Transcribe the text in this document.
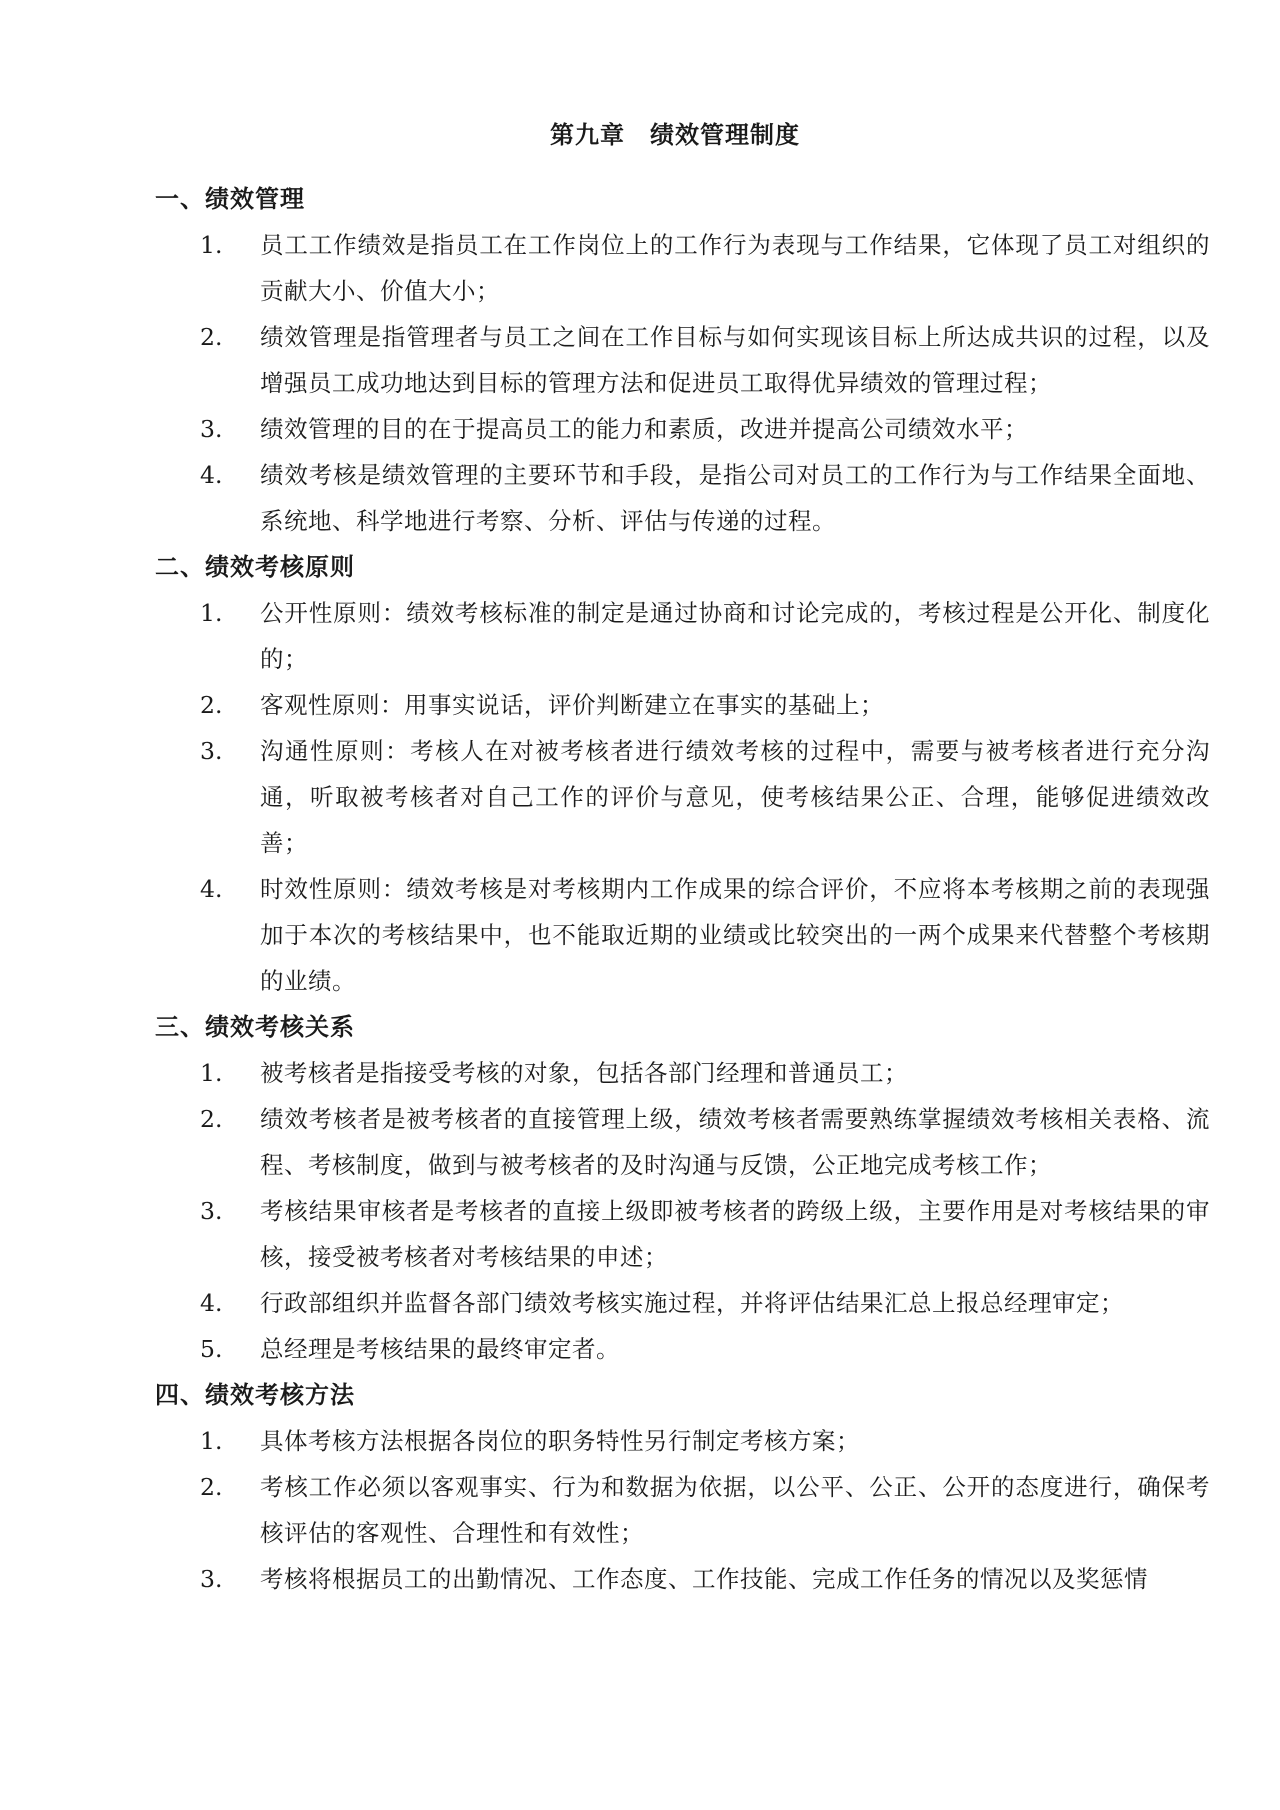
第九章　绩效管理制度
一、绩效管理
1.	员工工作绩效是指员工在工作岗位上的工作行为表现与工作结果，它体现了员工对组织的贡献大小、价值大小；
2.	绩效管理是指管理者与员工之间在工作目标与如何实现该目标上所达成共识的过程，以及增强员工成功地达到目标的管理方法和促进员工取得优异绩效的管理过程；
3.	绩效管理的目的在于提高员工的能力和素质，改进并提高公司绩效水平；
4.	绩效考核是绩效管理的主要环节和手段，是指公司对员工的工作行为与工作结果全面地、系统地、科学地进行考察、分析、评估与传递的过程。
二、绩效考核原则
1.	公开性原则：绩效考核标准的制定是通过协商和讨论完成的，考核过程是公开化、制度化的；
2.	客观性原则：用事实说话，评价判断建立在事实的基础上；
3.	沟通性原则：考核人在对被考核者进行绩效考核的过程中，需要与被考核者进行充分沟通，听取被考核者对自己工作的评价与意见，使考核结果公正、合理，能够促进绩效改善；
4.	时效性原则：绩效考核是对考核期内工作成果的综合评价，不应将本考核期之前的表现强加于本次的考核结果中，也不能取近期的业绩或比较突出的一两个成果来代替整个考核期的业绩。
三、绩效考核关系
1.	被考核者是指接受考核的对象，包括各部门经理和普通员工；
2.	绩效考核者是被考核者的直接管理上级，绩效考核者需要熟练掌握绩效考核相关表格、流程、考核制度，做到与被考核者的及时沟通与反馈，公正地完成考核工作；
3.	考核结果审核者是考核者的直接上级即被考核者的跨级上级，主要作用是对考核结果的审核，接受被考核者对考核结果的申述；
4.	行政部组织并监督各部门绩效考核实施过程，并将评估结果汇总上报总经理审定；
5.	总经理是考核结果的最终审定者。
四、绩效考核方法
1.	具体考核方法根据各岗位的职务特性另行制定考核方案；
2.	考核工作必须以客观事实、行为和数据为依据，以公平、公正、公开的态度进行，确保考核评估的客观性、合理性和有效性；
3.	考核将根据员工的出勤情况、工作态度、工作技能、完成工作任务的情况以及奖惩情
